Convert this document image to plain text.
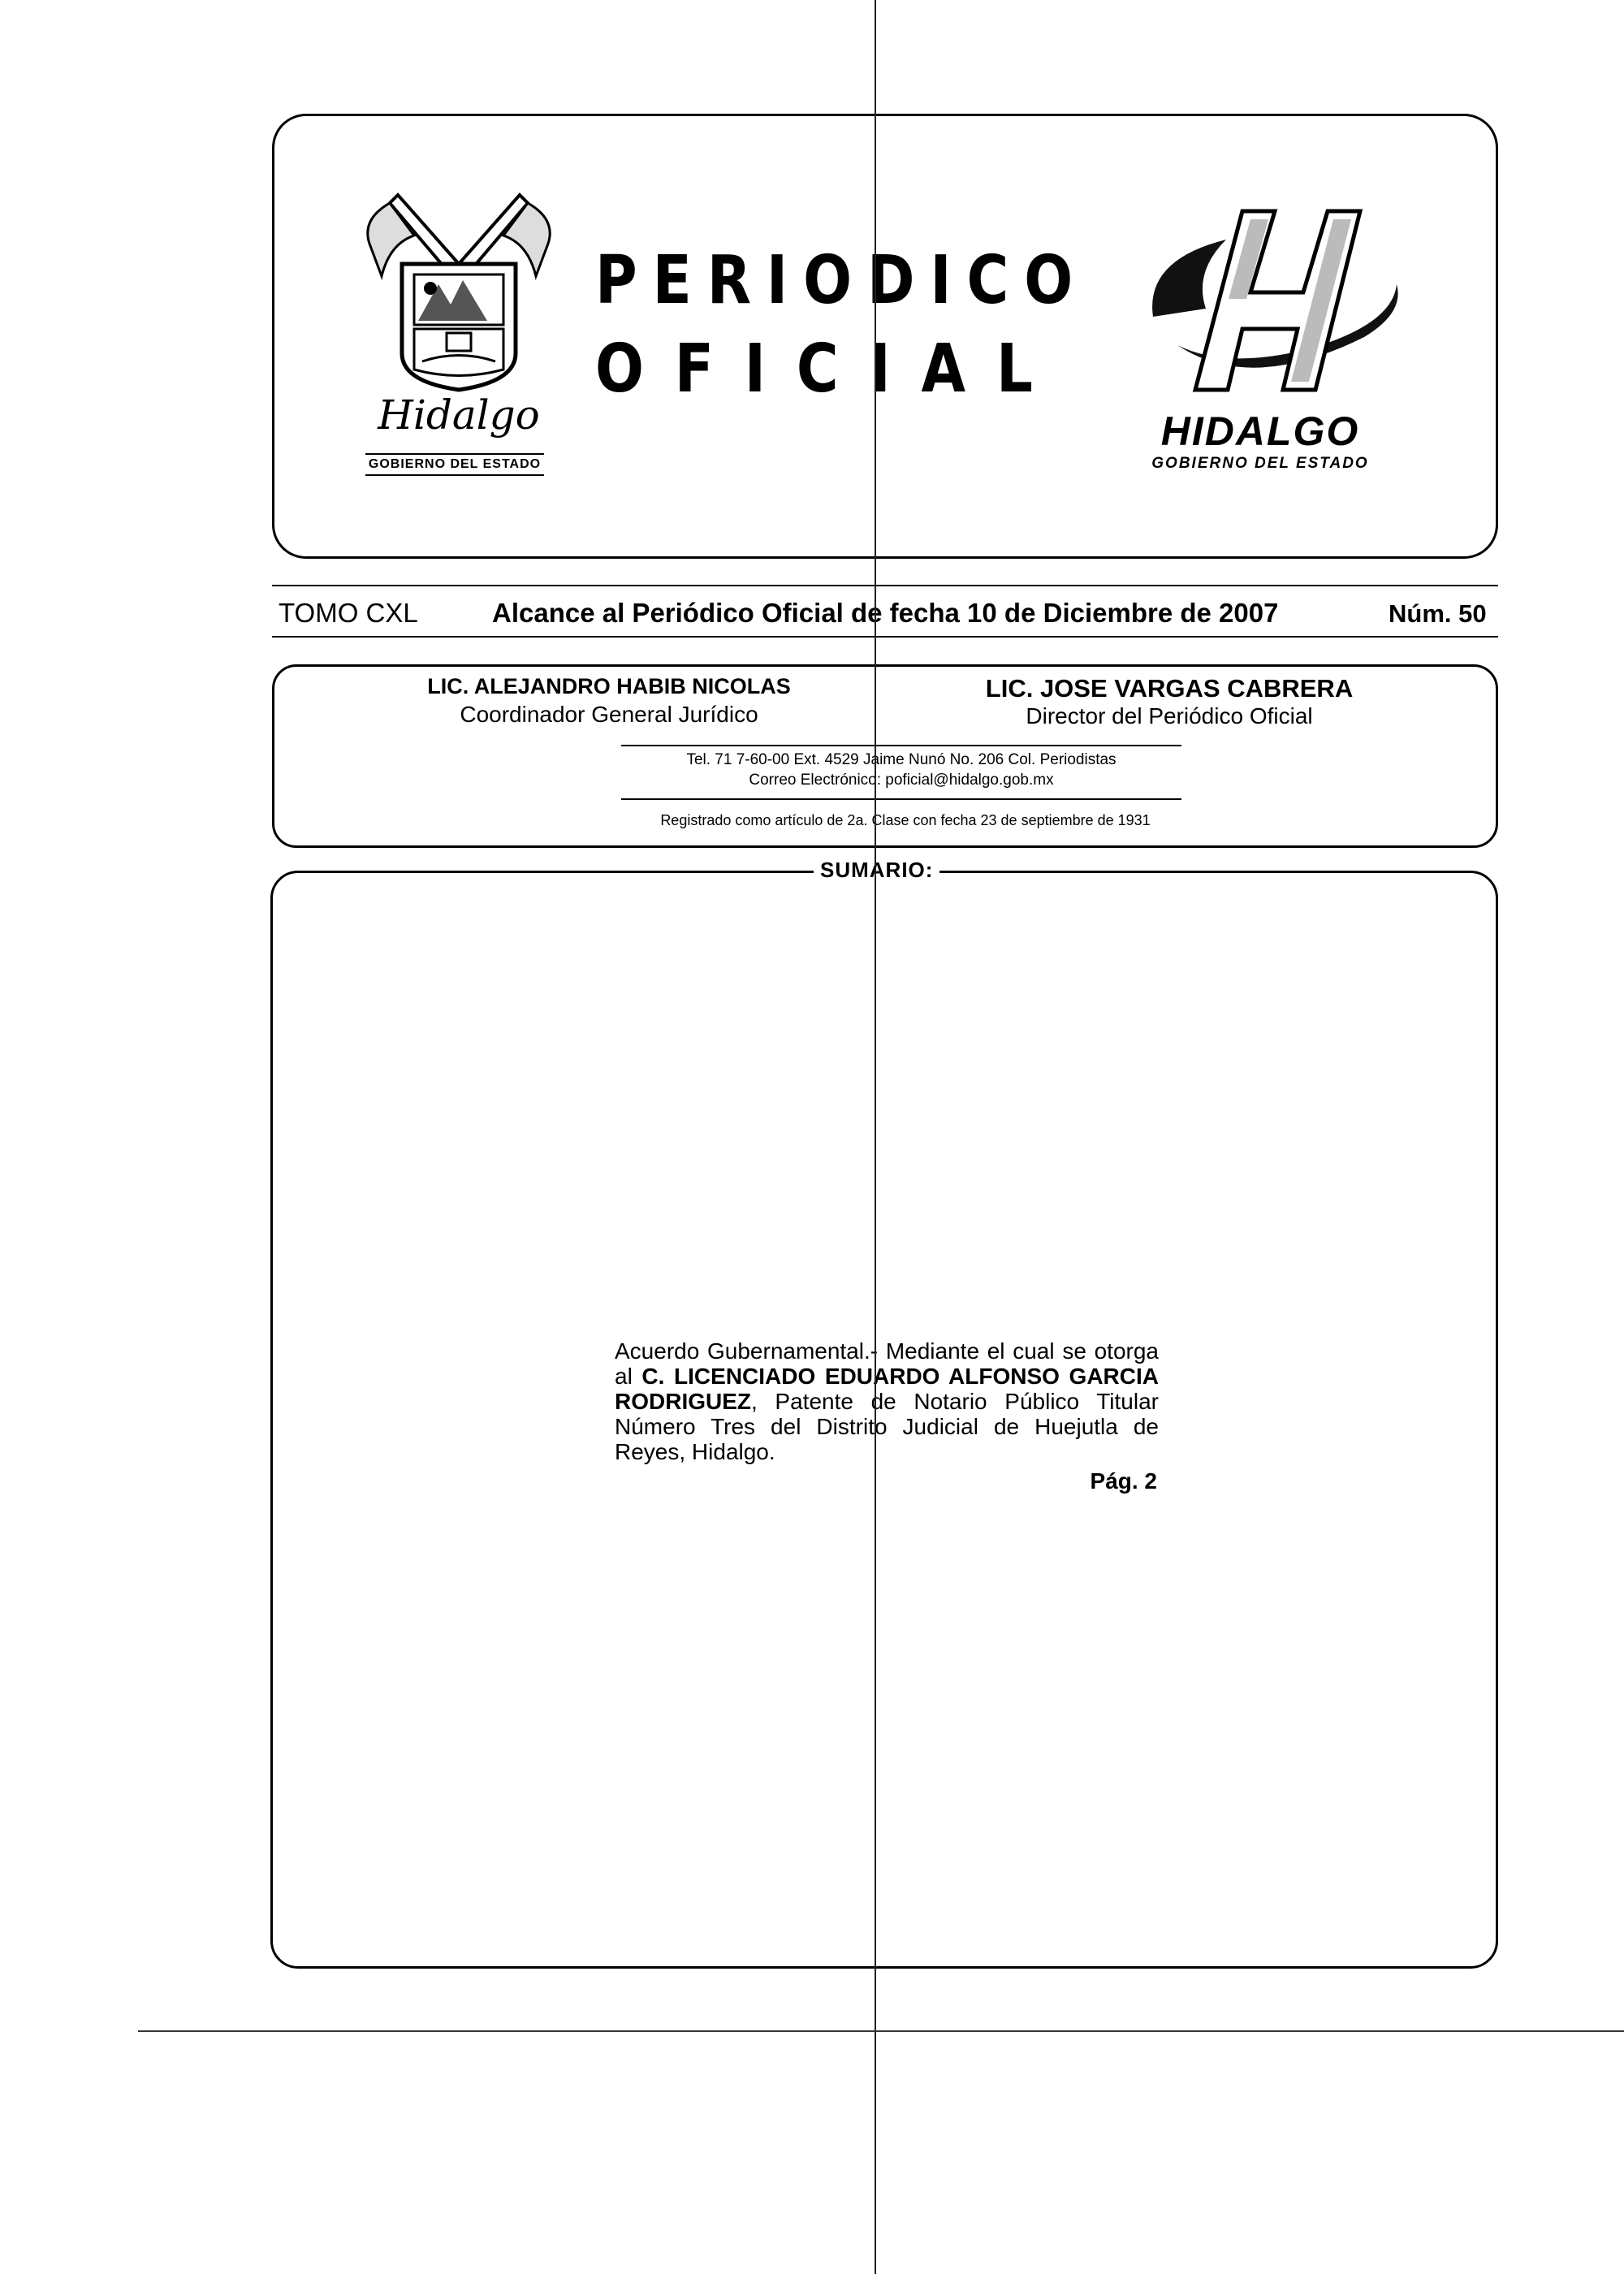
Hidalgo
GOBIERNO DEL ESTADO
PERIODICO
OFICIAL
HIDALGO
GOBIERNO DEL ESTADO
TOMO CXL	Alcance al Periódico Oficial de fecha 10 de Diciembre de 2007	Núm. 50
LIC. ALEJANDRO HABIB NICOLAS
Coordinador General Jurídico
LIC. JOSE VARGAS CABRERA
Director del Periódico Oficial
Tel. 71 7-60-00 Ext. 4529 Jaime Nunó No. 206 Col. Periodistas
Correo Electrónico: poficial@hidalgo.gob.mx
Registrado como artículo de 2a. Clase con fecha 23 de septiembre de 1931
SUMARIO:
Acuerdo Gubernamental.- Mediante el cual se otorga al C. LICENCIADO EDUARDO ALFONSO GARCIA RODRIGUEZ, Patente de Notario Público Titular Número Tres del Distrito Judicial de Huejutla de Reyes, Hidalgo.
Pág. 2
